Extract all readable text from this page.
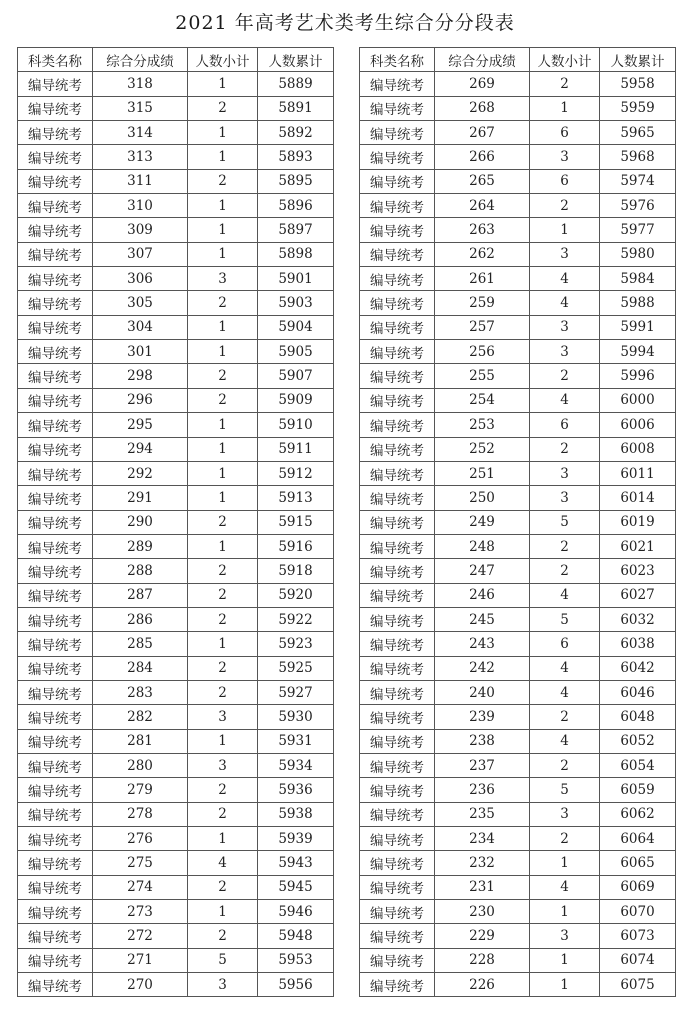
2021 年高考艺术类考生综合分分段表
科类名称	综合分成绩	人数小计	人数累计
编导统考	318	1	5889
编导统考	315	2	5891
编导统考	314	1	5892
编导统考	313	1	5893
编导统考	311	2	5895
编导统考	310	1	5896
编导统考	309	1	5897
编导统考	307	1	5898
编导统考	306	3	5901
编导统考	305	2	5903
编导统考	304	1	5904
编导统考	301	1	5905
编导统考	298	2	5907
编导统考	296	2	5909
编导统考	295	1	5910
编导统考	294	1	5911
编导统考	292	1	5912
编导统考	291	1	5913
编导统考	290	2	5915
编导统考	289	1	5916
编导统考	288	2	5918
编导统考	287	2	5920
编导统考	286	2	5922
编导统考	285	1	5923
编导统考	284	2	5925
编导统考	283	2	5927
编导统考	282	3	5930
编导统考	281	1	5931
编导统考	280	3	5934
编导统考	279	2	5936
编导统考	278	2	5938
编导统考	276	1	5939
编导统考	275	4	5943
编导统考	274	2	5945
编导统考	273	1	5946
编导统考	272	2	5948
编导统考	271	5	5953
编导统考	270	3	5956
科类名称	综合分成绩	人数小计	人数累计
编导统考	269	2	5958
编导统考	268	1	5959
编导统考	267	6	5965
编导统考	266	3	5968
编导统考	265	6	5974
编导统考	264	2	5976
编导统考	263	1	5977
编导统考	262	3	5980
编导统考	261	4	5984
编导统考	259	4	5988
编导统考	257	3	5991
编导统考	256	3	5994
编导统考	255	2	5996
编导统考	254	4	6000
编导统考	253	6	6006
编导统考	252	2	6008
编导统考	251	3	6011
编导统考	250	3	6014
编导统考	249	5	6019
编导统考	248	2	6021
编导统考	247	2	6023
编导统考	246	4	6027
编导统考	245	5	6032
编导统考	243	6	6038
编导统考	242	4	6042
编导统考	240	4	6046
编导统考	239	2	6048
编导统考	238	4	6052
编导统考	237	2	6054
编导统考	236	5	6059
编导统考	235	3	6062
编导统考	234	2	6064
编导统考	232	1	6065
编导统考	231	4	6069
编导统考	230	1	6070
编导统考	229	3	6073
编导统考	228	1	6074
编导统考	226	1	6075
